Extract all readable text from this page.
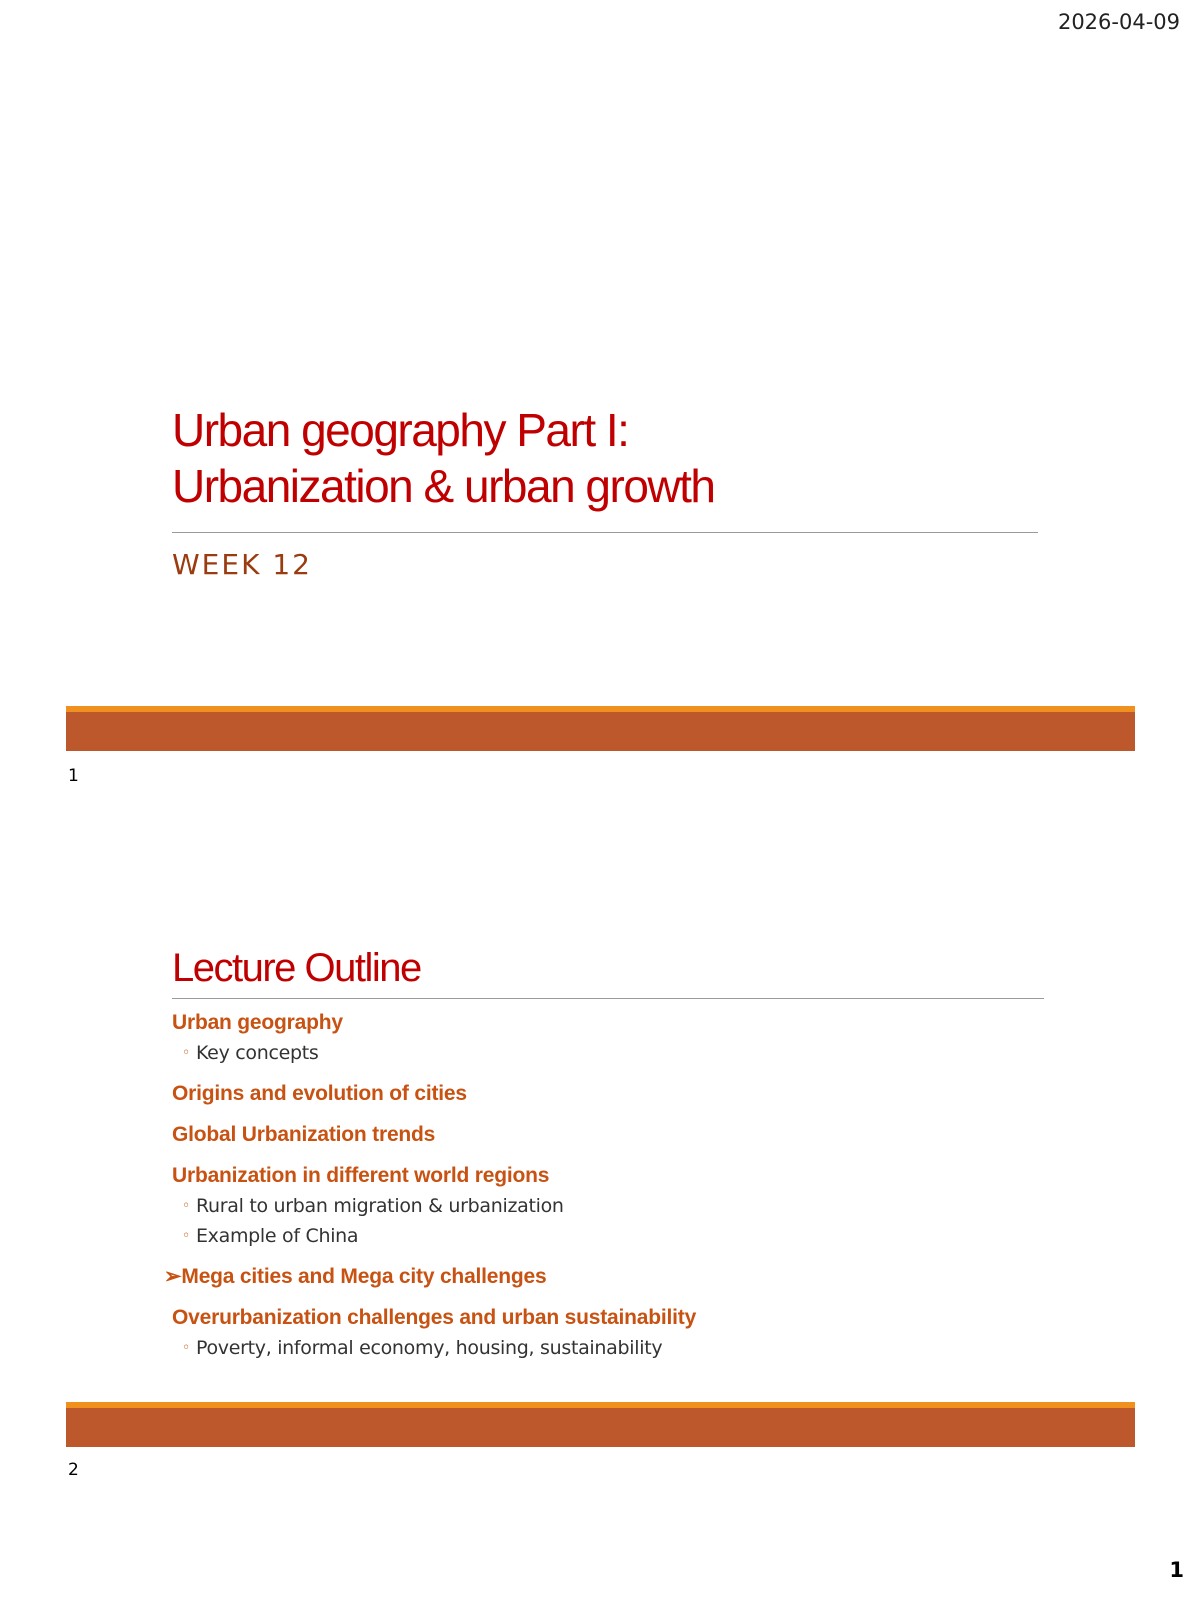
2026-04-09
Urban geography Part I:
Urbanization & urban growth
WEEK 12
1
Lecture Outline
Urban geography
◦ Key concepts
Origins and evolution of cities
Global Urbanization trends
Urbanization in different world regions
◦ Rural to urban migration & urbanization
◦ Example of China
➢Mega cities and Mega city challenges
Overurbanization challenges and urban sustainability
◦ Poverty, informal economy, housing, sustainability
2
1
